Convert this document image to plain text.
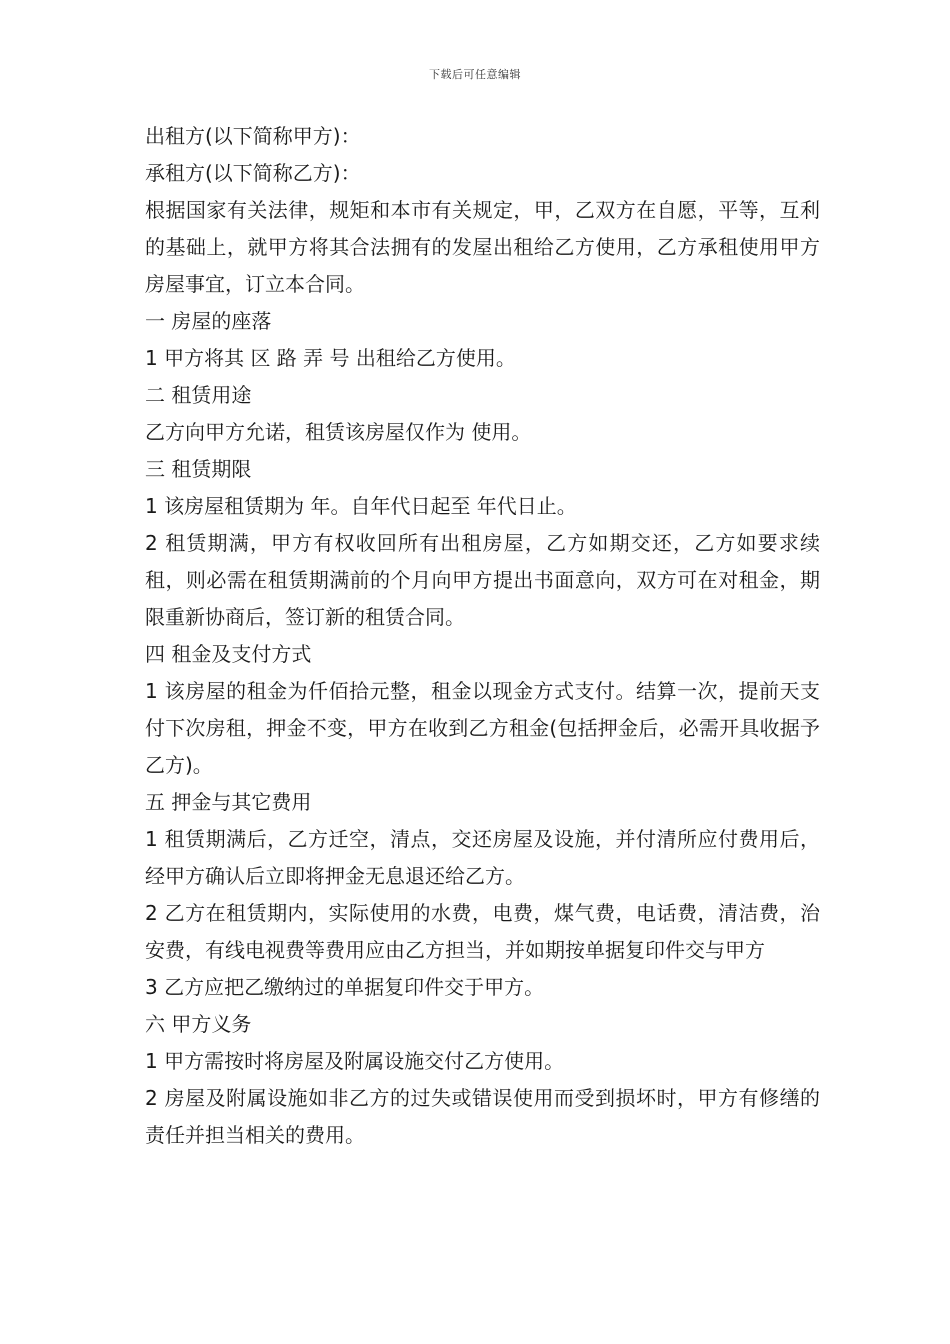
下载后可任意编辑

出租方(以下简称甲方)：

承租方(以下简称乙方)：

根据国家有关法律，规矩和本市有关规定，甲，乙双方在自愿，平等，互利的基础上，就甲方将其合法拥有的发屋出租给乙方使用，乙方承租使用甲方房屋事宜，订立本合同。

一 房屋的座落

1 甲方将其 区 路 弄 号 出租给乙方使用。

二 租赁用途

乙方向甲方允诺，租赁该房屋仅作为 使用。

三 租赁期限

1 该房屋租赁期为 年。自年代日起至 年代日止。

2 租赁期满，甲方有权收回所有出租房屋，乙方如期交还，乙方如要求续租，则必需在租赁期满前的个月向甲方提出书面意向，双方可在对租金，期限重新协商后，签订新的租赁合同。

四 租金及支付方式

1 该房屋的租金为仟佰拾元整，租金以现金方式支付。结算一次，提前天支付下次房租，押金不变，甲方在收到乙方租金(包括押金后，必需开具收据予乙方)。

五 押金与其它费用

1 租赁期满后，乙方迁空，清点，交还房屋及设施，并付清所应付费用后，经甲方确认后立即将押金无息退还给乙方。

2 乙方在租赁期内，实际使用的水费，电费，煤气费，电话费，清洁费，治安费，有线电视费等费用应由乙方担当，并如期按单据复印件交与甲方

3 乙方应把乙缴纳过的单据复印件交于甲方。

六 甲方义务

1 甲方需按时将房屋及附属设施交付乙方使用。

2 房屋及附属设施如非乙方的过失或错误使用而受到损坏时，甲方有修缮的责任并担当相关的费用。
